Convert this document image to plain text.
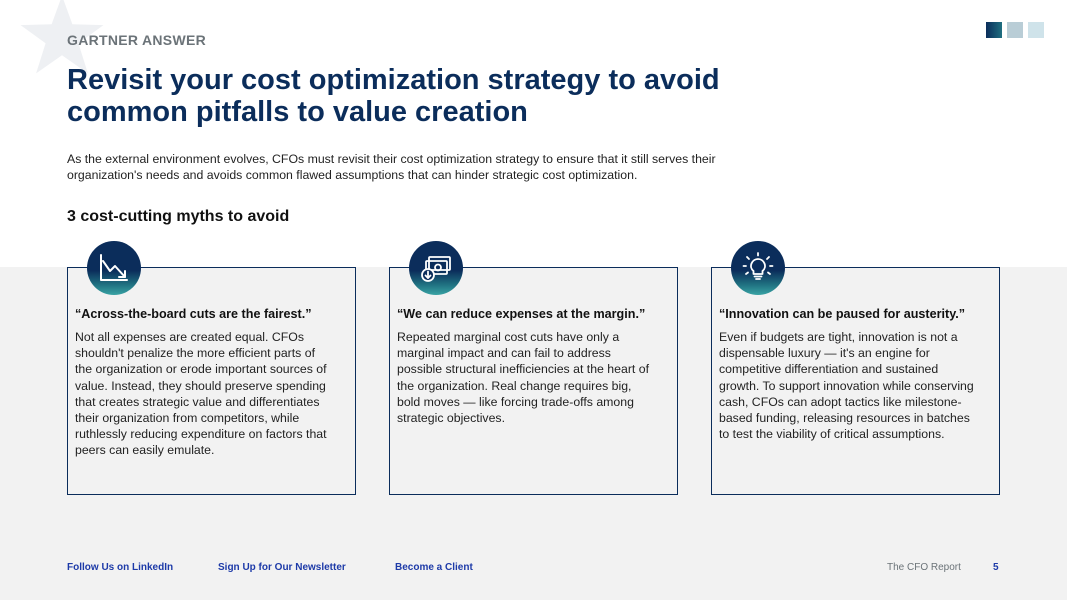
GARTNER ANSWER
Revisit your cost optimization strategy to avoid common pitfalls to value creation

As the external environment evolves, CFOs must revisit their cost optimization strategy to ensure that it still serves their organization's needs and avoids common flawed assumptions that can hinder strategic cost optimization.

3 cost-cutting myths to avoid
“Across-the-board cuts are the fairest.”
Not all expenses are created equal. CFOs shouldn't penalize the more efficient parts of the organization or erode important sources of value. Instead, they should preserve spending that creates strategic value and differentiates their organization from competitors, while ruthlessly reducing expenditure on factors that peers can easily emulate.
“We can reduce expenses at the margin.”
Repeated marginal cost cuts have only a marginal impact and can fail to address possible structural inefficiencies at the heart of the organization. Real change requires big, bold moves — like forcing trade-offs among strategic objectives.
“Innovation can be paused for austerity.”
Even if budgets are tight, innovation is not a dispensable luxury — it's an engine for competitive differentiation and sustained growth. To support innovation while conserving cash, CFOs can adopt tactics like milestone-based funding, releasing resources in batches to test the viability of critical assumptions.
Follow Us on LinkedIn	Sign Up for Our Newsletter	Become a Client	The CFO Report	5
